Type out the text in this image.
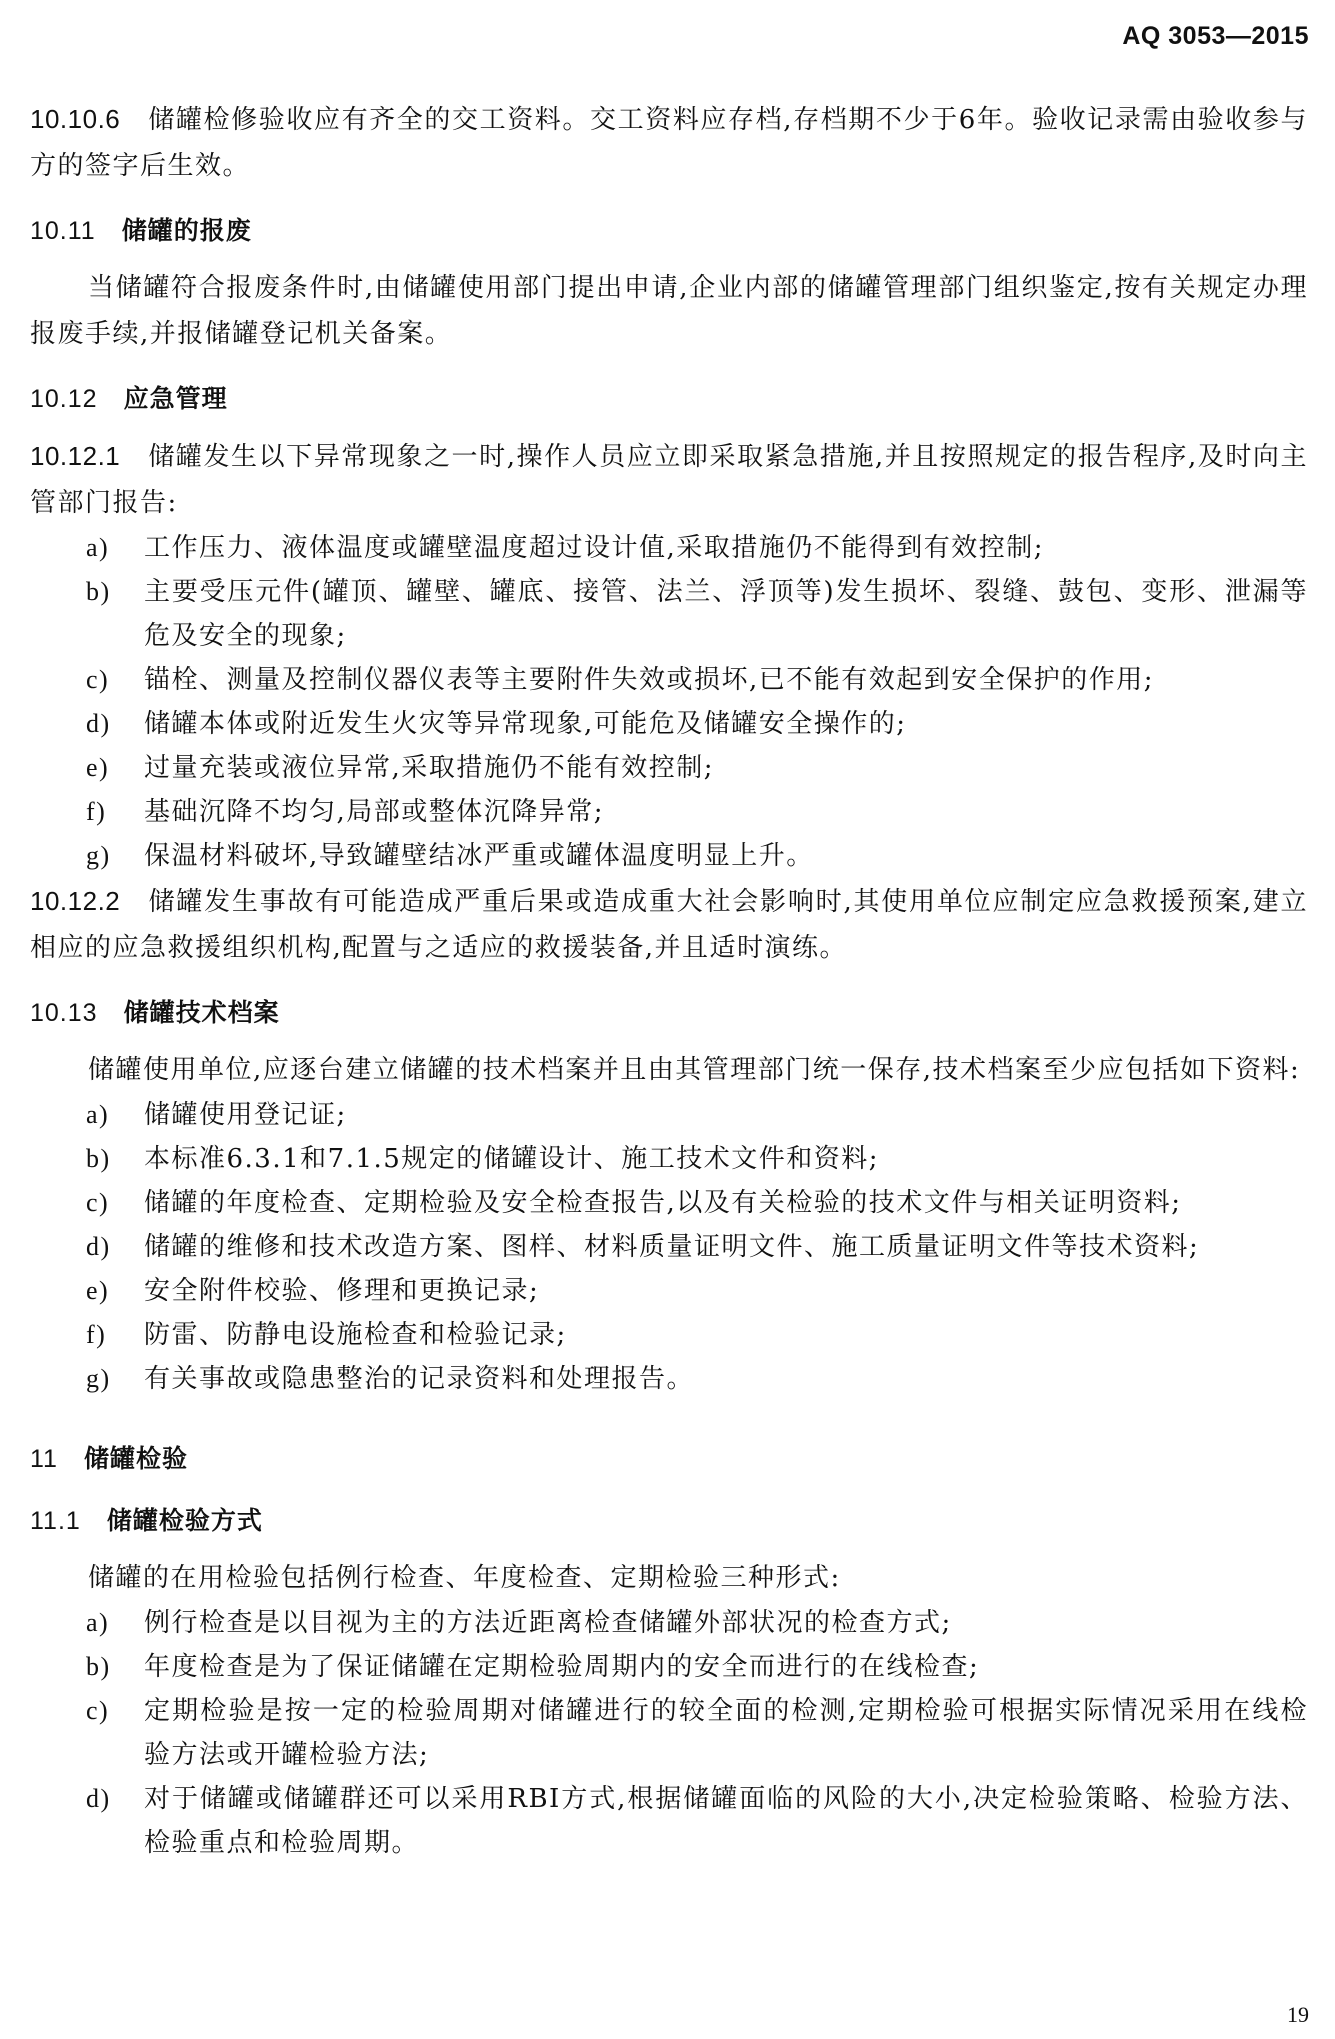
AQ 3053—2015

10.10.6 储罐检修验收应有齐全的交工资料。交工资料应存档,存档期不少于6年。验收记录需由验收参与方的签字后生效。

10.11 储罐的报废

当储罐符合报废条件时,由储罐使用部门提出申请,企业内部的储罐管理部门组织鉴定,按有关规定办理报废手续,并报储罐登记机关备案。

10.12 应急管理

10.12.1 储罐发生以下异常现象之一时,操作人员应立即采取紧急措施,并且按照规定的报告程序,及时向主管部门报告:

a)	工作压力、液体温度或罐壁温度超过设计值,采取措施仍不能得到有效控制;
b)	主要受压元件(罐顶、罐壁、罐底、接管、法兰、浮顶等)发生损坏、裂缝、鼓包、变形、泄漏等危及安全的现象;
c)	锚栓、测量及控制仪器仪表等主要附件失效或损坏,已不能有效起到安全保护的作用;
d)	储罐本体或附近发生火灾等异常现象,可能危及储罐安全操作的;
e)	过量充装或液位异常,采取措施仍不能有效控制;
f)	基础沉降不均匀,局部或整体沉降异常;
g)	保温材料破坏,导致罐壁结冰严重或罐体温度明显上升。

10.12.2 储罐发生事故有可能造成严重后果或造成重大社会影响时,其使用单位应制定应急救援预案,建立相应的应急救援组织机构,配置与之适应的救援装备,并且适时演练。

10.13 储罐技术档案

储罐使用单位,应逐台建立储罐的技术档案并且由其管理部门统一保存,技术档案至少应包括如下资料:

a)	储罐使用登记证;
b)	本标准6.3.1和7.1.5规定的储罐设计、施工技术文件和资料;
c)	储罐的年度检查、定期检验及安全检查报告,以及有关检验的技术文件与相关证明资料;
d)	储罐的维修和技术改造方案、图样、材料质量证明文件、施工质量证明文件等技术资料;
e)	安全附件校验、修理和更换记录;
f)	防雷、防静电设施检查和检验记录;
g)	有关事故或隐患整治的记录资料和处理报告。

11 储罐检验

11.1 储罐检验方式

储罐的在用检验包括例行检查、年度检查、定期检验三种形式:

a)	例行检查是以目视为主的方法近距离检查储罐外部状况的检查方式;
b)	年度检查是为了保证储罐在定期检验周期内的安全而进行的在线检查;
c)	定期检验是按一定的检验周期对储罐进行的较全面的检测,定期检验可根据实际情况采用在线检验方法或开罐检验方法;
d)	对于储罐或储罐群还可以采用RBI方式,根据储罐面临的风险的大小,决定检验策略、检验方法、检验重点和检验周期。
19
